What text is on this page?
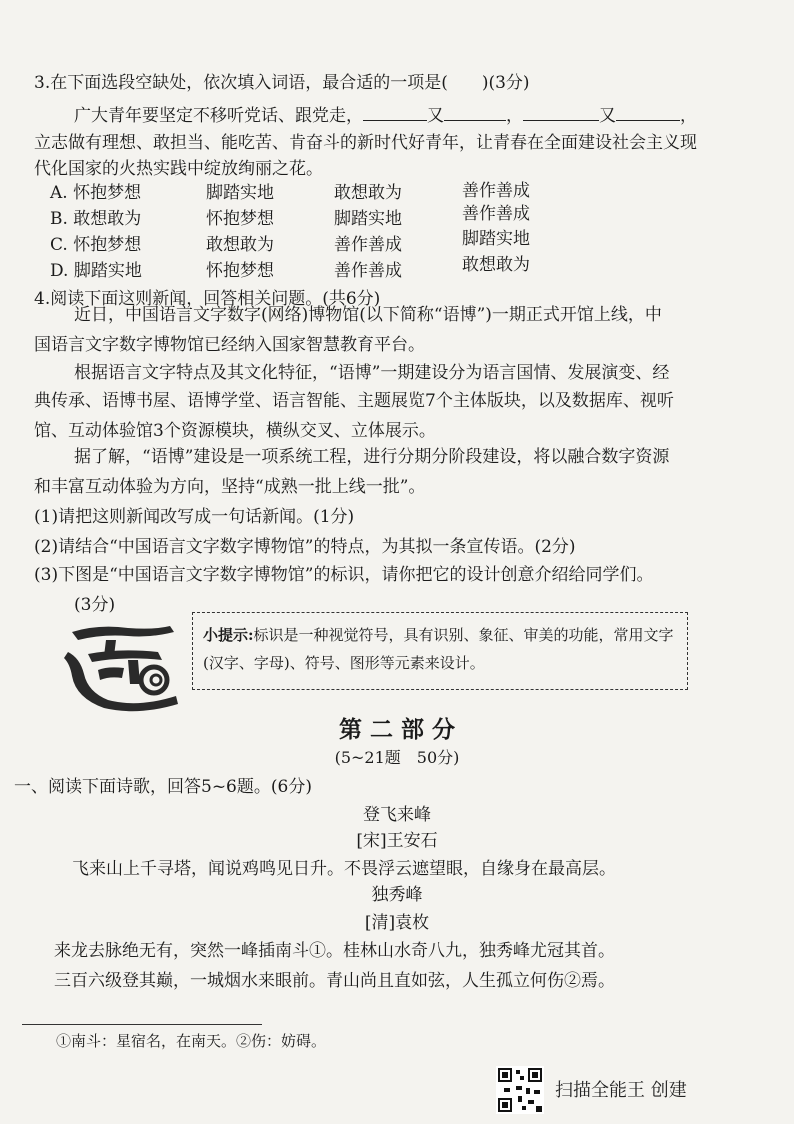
3.在下面选段空缺处，依次填入词语，最合适的一项是(　　)(3分)
广大青年要坚定不移听党话、跟党走，	又	，	又	，
立志做有理想、敢担当、能吃苦、肯奋斗的新时代好青年，让青春在全面建设社会主义现
代化国家的火热实践中绽放绚丽之花。
A. 怀抱梦想	脚踏实地	敢想敢为	善作善成
B. 敢想敢为	怀抱梦想	脚踏实地	善作善成
C. 怀抱梦想	敢想敢为	善作善成	脚踏实地
D. 脚踏实地	怀抱梦想	善作善成	敢想敢为
4.阅读下面这则新闻，回答相关问题。(共6分)
近日，中国语言文字数字(网络)博物馆(以下简称“语博”)一期正式开馆上线，中
国语言文字数字博物馆已经纳入国家智慧教育平台。
根据语言文字特点及其文化特征，“语博”一期建设分为语言国情、发展演变、经
典传承、语博书屋、语博学堂、语言智能、主题展览7个主体版块，以及数据库、视听
馆、互动体验馆3个资源模块，横纵交叉、立体展示。
据了解，“语博”建设是一项系统工程，进行分期分阶段建设，将以融合数字资源
和丰富互动体验为方向，坚持“成熟一批上线一批”。
(1)请把这则新闻改写成一句话新闻。(1分)
(2)请结合“中国语言文字数字博物馆”的特点，为其拟一条宣传语。(2分)
(3)下图是“中国语言文字数字博物馆”的标识，请你把它的设计创意介绍给同学们。
(3分)
小提示:标识是一种视觉符号，具有识别、象征、审美的功能，常用文字
(汉字、字母)、符号、图形等元素来设计。
第 二 部 分
(5~21题　50分)
一、阅读下面诗歌，回答5~6题。(6分)
登飞来峰
[宋]王安石
飞来山上千寻塔，闻说鸡鸣见日升。不畏浮云遮望眼，自缘身在最高层。
独秀峰
[清]袁枚
来龙去脉绝无有，突然一峰插南斗①。桂林山水奇八九，独秀峰尤冠其首。
三百六级登其巅，一城烟水来眼前。青山尚且直如弦，人生孤立何伤②焉。
①南斗：星宿名，在南天。②伤：妨碍。
扫描全能王 创建
